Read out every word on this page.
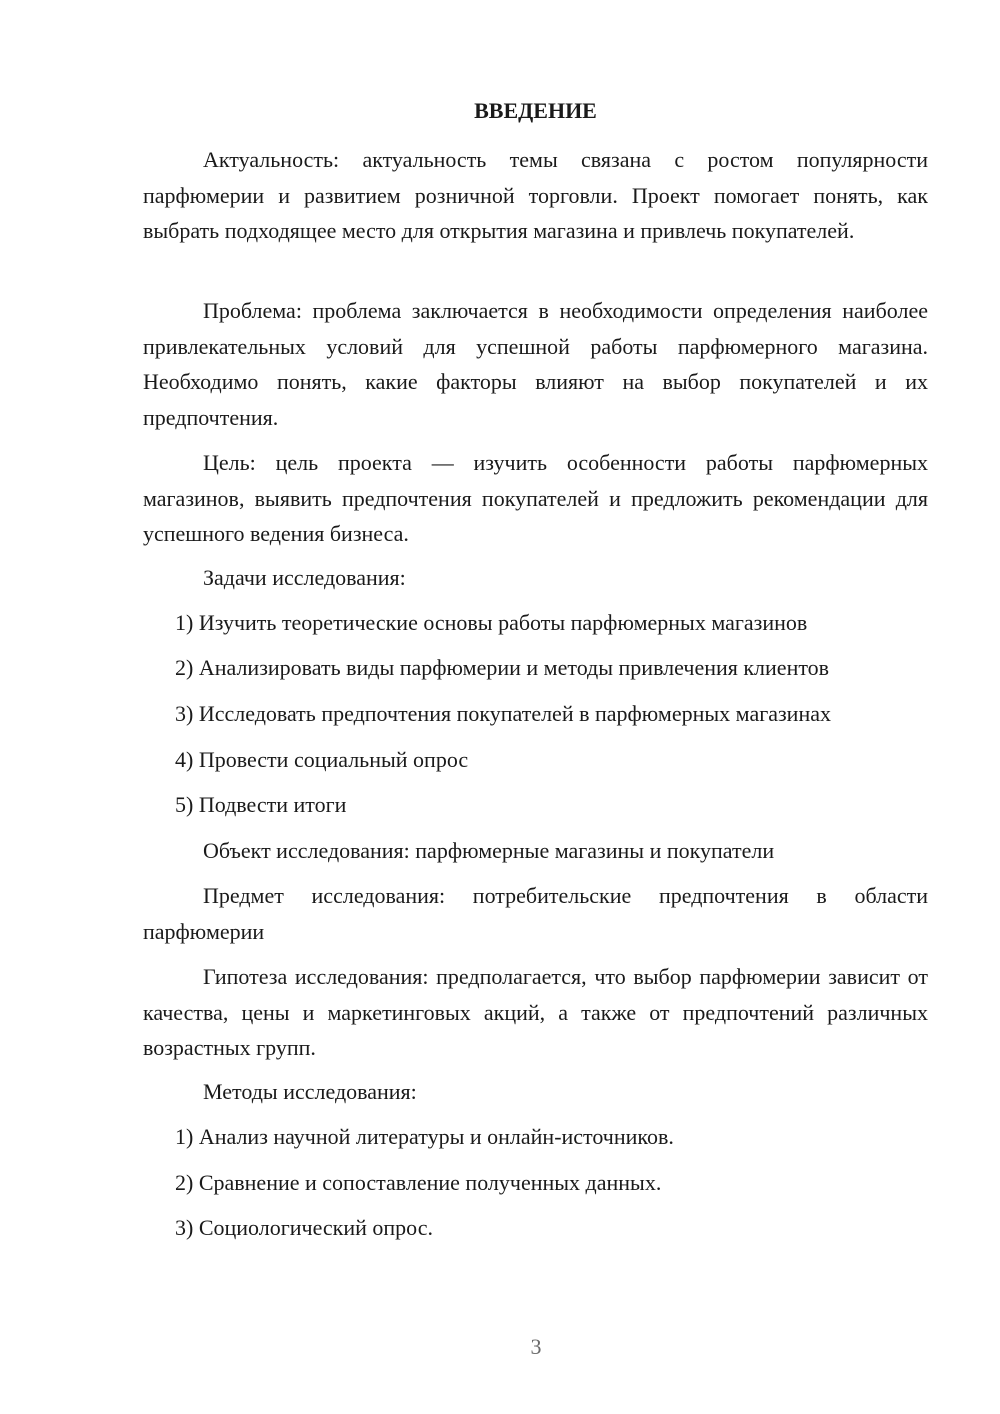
ВВЕДЕНИЕ

Актуальность: актуальность темы связана с ростом популярности парфюмерии и развитием розничной торговли. Проект помогает понять, как выбрать подходящее место для открытия магазина и привлечь покупателей.

Проблема: проблема заключается в необходимости определения наиболее привлекательных условий для успешной работы парфюмерного магазина. Необходимо понять, какие факторы влияют на выбор покупателей и их предпочтения.

Цель: цель проекта — изучить особенности работы парфюмерных магазинов, выявить предпочтения покупателей и предложить рекомендации для успешного ведения бизнеса.

Задачи исследования:

1) Изучить теоретические основы работы парфюмерных магазинов

2) Анализировать виды парфюмерии и методы привлечения клиентов

3) Исследовать предпочтения покупателей в парфюмерных магазинах

4) Провести социальный опрос

5) Подвести итоги

Объект исследования: парфюмерные магазины и покупатели

Предмет исследования: потребительские предпочтения в области парфюмерии

Гипотеза исследования: предполагается, что выбор парфюмерии зависит от качества, цены и маркетинговых акций, а также от предпочтений различных возрастных групп.

Методы исследования:

1) Анализ научной литературы и онлайн-источников.

2) Сравнение и сопоставление полученных данных.

3) Социологический опрос.

3
